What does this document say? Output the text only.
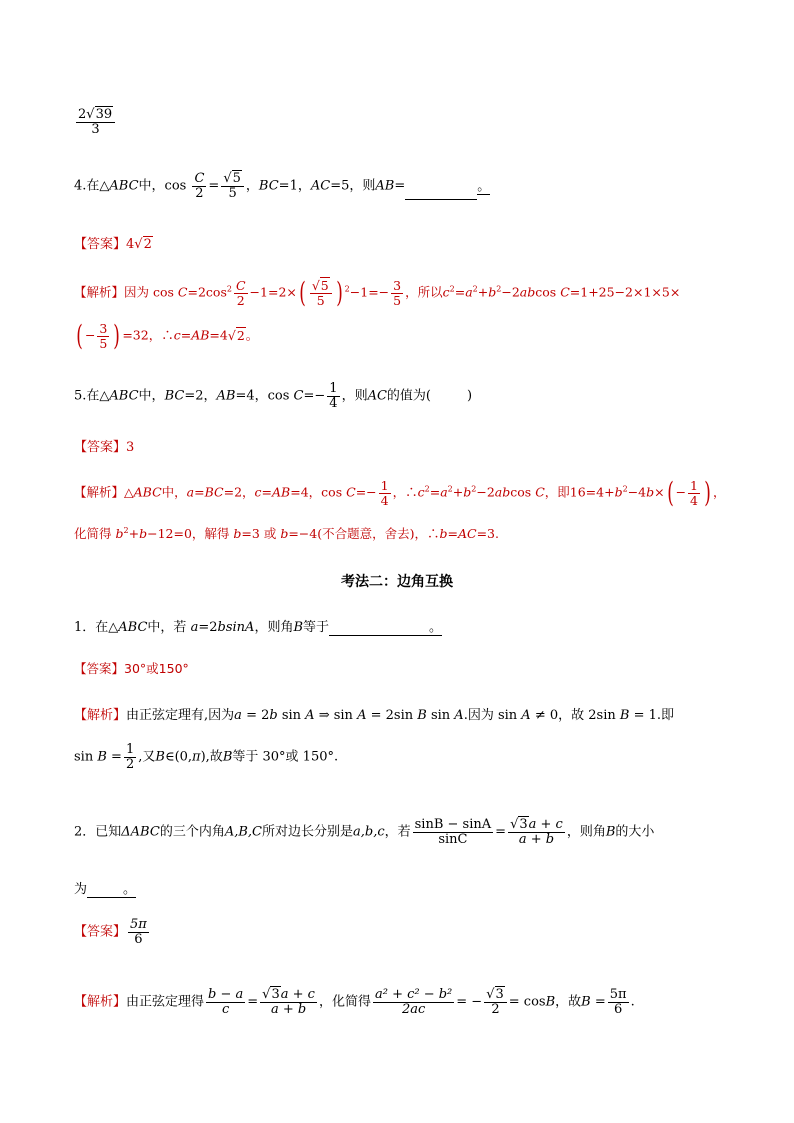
$\frac{2√39}{3}$
4.在△ABC中，$\cos \frac{C}{2} = \frac{√5}{5}$ ，BC=1，AC=5，则AB=	。
【答案】4√2
【解析】因为 $\cos C=2\cos^2 \frac{C}{2} -1=2\times( \frac{√5}{5}$ ) $^2-1=- \frac{3}{5}$ ，所以$c^2=a^2+b^2-2abcos$ C=1+25−2×1×5×
( − $\frac{3}{5}$ ) =32，∴c=AB=4√2。
5.在△ABC中，BC=2，AB=4，$\cos C=- \frac{1}{4}$ ，则AC的值为(	)
【答案】3
【解析】△ABC中，a=BC=2，c=AB=4，$\cos C=- \frac{1}{4}$ ，$\therefore c^2=a^2+b^2-2abcos$ C，即$16=4+b^2-4b\times( - \frac{1}{4}$ ) ，
化简得 $b^2+b-12=0$，解得 b=3 或 b=−4(不合题意，舍去)，∴b=AC=3.
考法二：边角互换
1．在△ABC中，若 a=2bsinA，则角B等于	。
【答案】30°或150°
【解析】由正弦定理有,因为a = 2b sin A ⇒ sin A = 2sin B sin A.因为 sin A ≠ 0，故 2sin B = 1.即
$\sin B = \frac{1}{2}$ ,又B∈(0,π),故B等于 30°或 150°.
2．已知ΔABC的三个内角A,B,C所对边长分别是a,b,c，若 $\frac{\sin B - \sin A}{\sin C} = \frac{√3a + c}{a + b}$ ，则角B的大小
为	。
【答案】 $\frac{5\pi}{6}$
【解析】由正弦定理得 $\frac{b - a}{c} = \frac{√3a + c}{a + b}$ ，化简得 $\frac{\text{a² + c² − b²}}{2ac}$ = − $\frac{√3}{2} = \cos B$，故$B = \frac{5\pi}{6}$ .
